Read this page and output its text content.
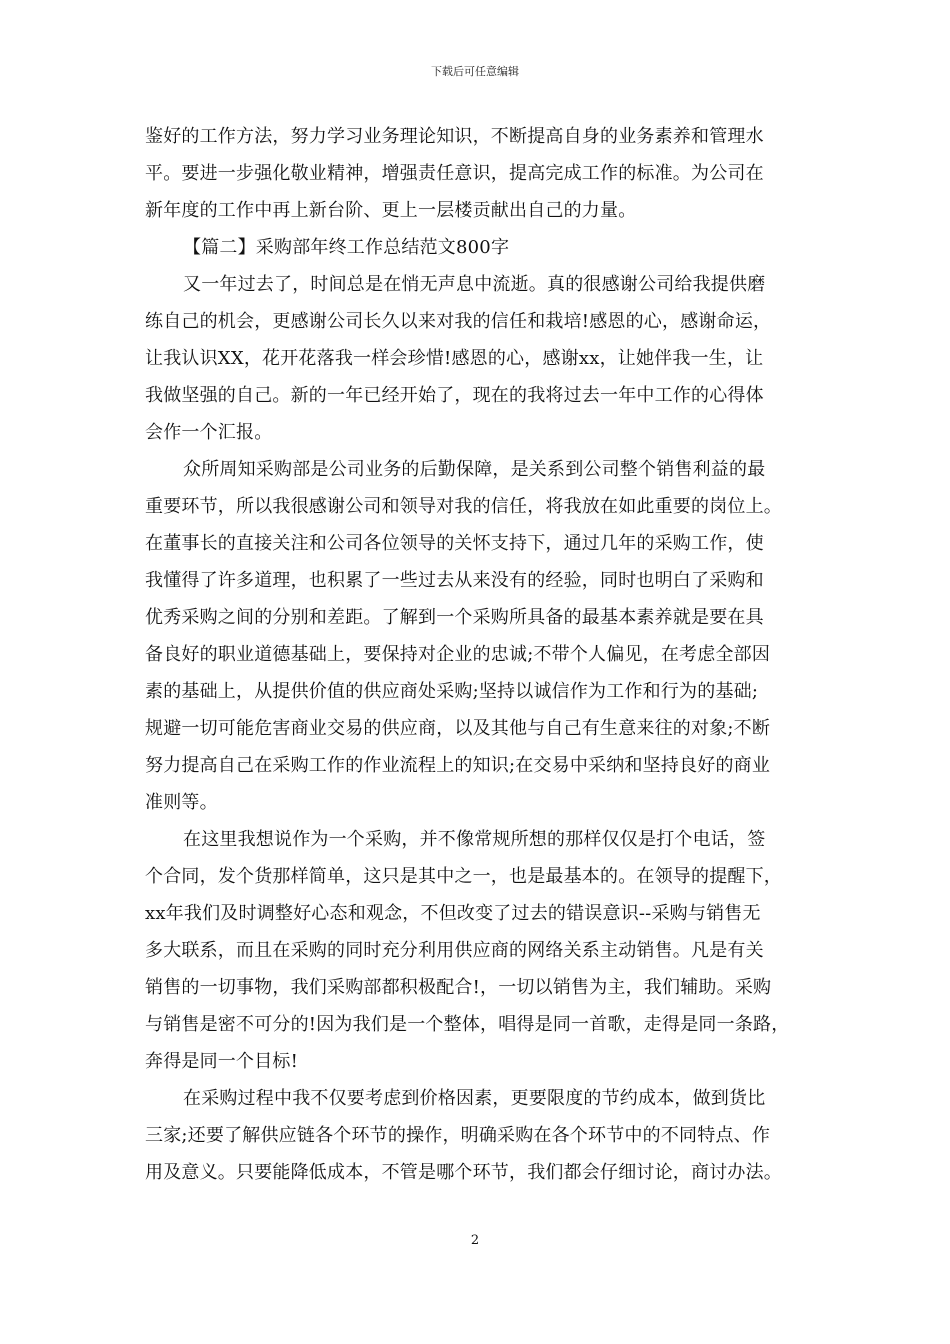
下载后可任意编辑
鉴好的工作方法，努力学习业务理论知识，不断提高自身的业务素养和管理水
平。要进一步强化敬业精神，增强责任意识，提高完成工作的标准。为公司在
新年度的工作中再上新台阶、更上一层楼贡献出自己的力量。
【篇二】采购部年终工作总结范文800字
又一年过去了，时间总是在悄无声息中流逝。真的很感谢公司给我提供磨
练自己的机会，更感谢公司长久以来对我的信任和栽培!感恩的心，感谢命运，
让我认识XX，花开花落我一样会珍惜!感恩的心，感谢xx，让她伴我一生，让
我做坚强的自己。新的一年已经开始了，现在的我将过去一年中工作的心得体
会作一个汇报。
众所周知采购部是公司业务的后勤保障，是关系到公司整个销售利益的最
重要环节，所以我很感谢公司和领导对我的信任，将我放在如此重要的岗位上。
在董事长的直接关注和公司各位领导的关怀支持下，通过几年的采购工作，使
我懂得了许多道理，也积累了一些过去从来没有的经验，同时也明白了采购和
优秀采购之间的分别和差距。了解到一个采购所具备的最基本素养就是要在具
备良好的职业道德基础上，要保持对企业的忠诚;不带个人偏见，在考虑全部因
素的基础上，从提供价值的供应商处采购;坚持以诚信作为工作和行为的基础;
规避一切可能危害商业交易的供应商，以及其他与自己有生意来往的对象;不断
努力提高自己在采购工作的作业流程上的知识;在交易中采纳和坚持良好的商业
准则等。
在这里我想说作为一个采购，并不像常规所想的那样仅仅是打个电话，签
个合同，发个货那样简单，这只是其中之一，也是最基本的。在领导的提醒下，
xx年我们及时调整好心态和观念，不但改变了过去的错误意识--采购与销售无
多大联系，而且在采购的同时充分利用供应商的网络关系主动销售。凡是有关
销售的一切事物，我们采购部都积极配合!，一切以销售为主，我们辅助。采购
与销售是密不可分的!因为我们是一个整体，唱得是同一首歌，走得是同一条路，
奔得是同一个目标!
在采购过程中我不仅要考虑到价格因素，更要限度的节约成本，做到货比
三家;还要了解供应链各个环节的操作，明确采购在各个环节中的不同特点、作
用及意义。只要能降低成本，不管是哪个环节，我们都会仔细讨论，商讨办法。
2
